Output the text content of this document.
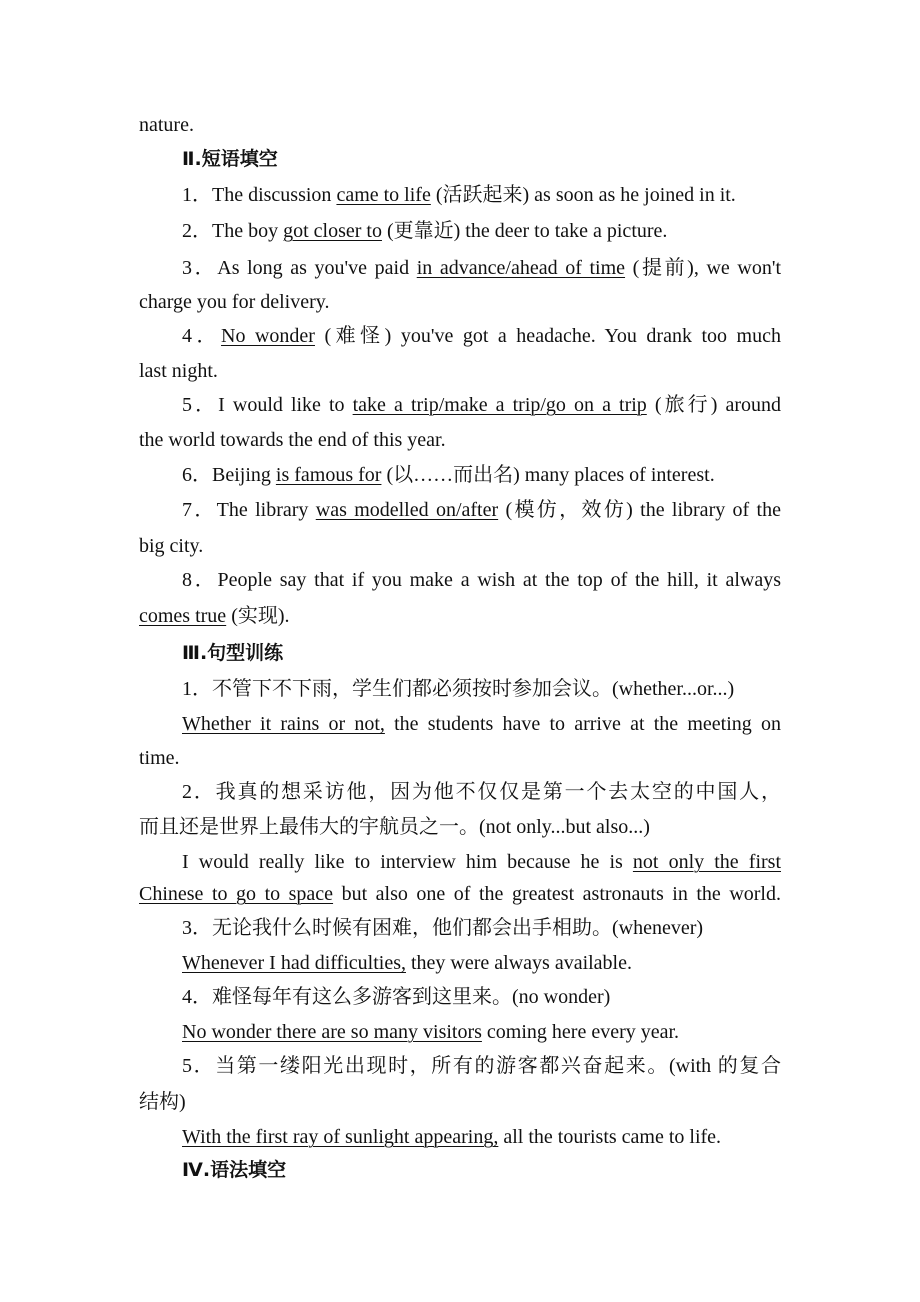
nature.
Ⅱ.短语填空
1．The discussion came to life (活跃起来) as soon as he joined in it.
2．The boy got closer to (更靠近) the deer to take a picture.
3．As long as you've paid in advance/ahead of time (提前), we won't
charge you for delivery.
4．No wonder (难怪) you've got a headache. You drank too much
last night.
5．I would like to take a trip/make a trip/go on a trip (旅行) around
the world towards the end of this year.
6．Beijing is famous for (以……而出名) many places of interest.
7．The library was modelled on/after (模仿，效仿) the library of the
big city.
8．People say that if you make a wish at the top of the hill, it always
comes true (实现).
Ⅲ.句型训练
1．不管下不下雨，学生们都必须按时参加会议。(whether...or...)
Whether it rains or not, the students have to arrive at the meeting on
time.
2．我真的想采访他，因为他不仅仅是第一个去太空的中国人，
而且还是世界上最伟大的宇航员之一。(not only...but also...)
I would really like to interview him because he is not only the first
Chinese to go to space but also one of the greatest astronauts in the world.
3．无论我什么时候有困难，他们都会出手相助。(whenever)
Whenever I had difficulties, they were always available.
4．难怪每年有这么多游客到这里来。(no wonder)
No wonder there are so many visitors coming here every year.
5．当第一缕阳光出现时，所有的游客都兴奋起来。(with 的复合
结构)
With the first ray of sunlight appearing, all the tourists came to life.
Ⅳ.语法填空
